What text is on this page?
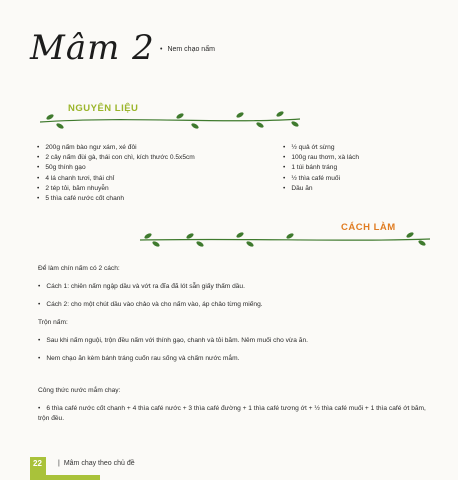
Mâm 2	• Nem chạo nấm
NGUYÊN LIỆU
• 200g nấm bào ngư xám, xé đôi
• 2 cây nấm đùi gà, thái con chì, kích thước 0.5x5cm
• 50g thính gạo
• 4 lá chanh tươi, thái chỉ
• 2 tép tỏi, băm nhuyễn
• 5 thìa café nước cốt chanh
• ½ quả ớt sừng
• 100g rau thơm, xà lách
• 1 túi bánh tráng
• ½ thìa café muối
• Dầu ăn
CÁCH LÀM

Để làm chín nấm có 2 cách:

• Cách 1: chiên nấm ngập dầu và vớt ra đĩa đã lót sẵn giấy thấm dầu.

• Cách 2: cho một chút dầu vào chảo và cho nấm vào, áp chảo từng miếng.

Trộn nấm:

• Sau khi nấm nguội, trộn đều nấm với thính gạo, chanh và tỏi băm. Nêm muối cho vừa ăn.

• Nem chạo ăn kèm bánh tráng cuốn rau sống và chấm nước mắm.

Công thức nước mắm chay:

• 6 thìa café nước cốt chanh + 4 thìa café nước + 3 thìa café đường + 1 thìa café tương ớt + ½ thìa café muối + 1 thìa café ớt băm, trộn đều.

22	| Mâm chay theo chủ đề
